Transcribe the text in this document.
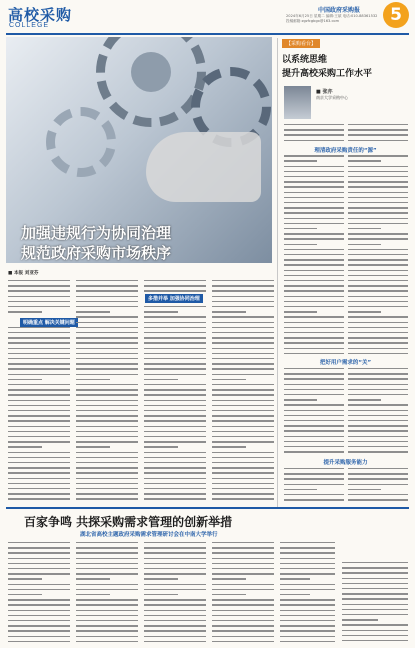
高校采购
COLLEGE
中国政府采购报
2024年6月25日 星期二 编辑:王斌 电话:010-88361532 投稿邮箱:zgzfcgbgx@163.com	5
加强违规行为协同治理
规范政府采购市场秩序
【采购看台】
以系统思维
提升高校采购工作水平
■ 张亦
南京大学采购中心
理清政府采购责任的“源”
把好用户需求的“关”
提升采购服务能力
■ 本报 刘亚芬
明确重点 解决关键问题
多措并举 加强协同治理
百家争鸣 共探采购需求管理的创新举措
湖北省高校主题政府采购需求管理研讨会在中南大学举行
